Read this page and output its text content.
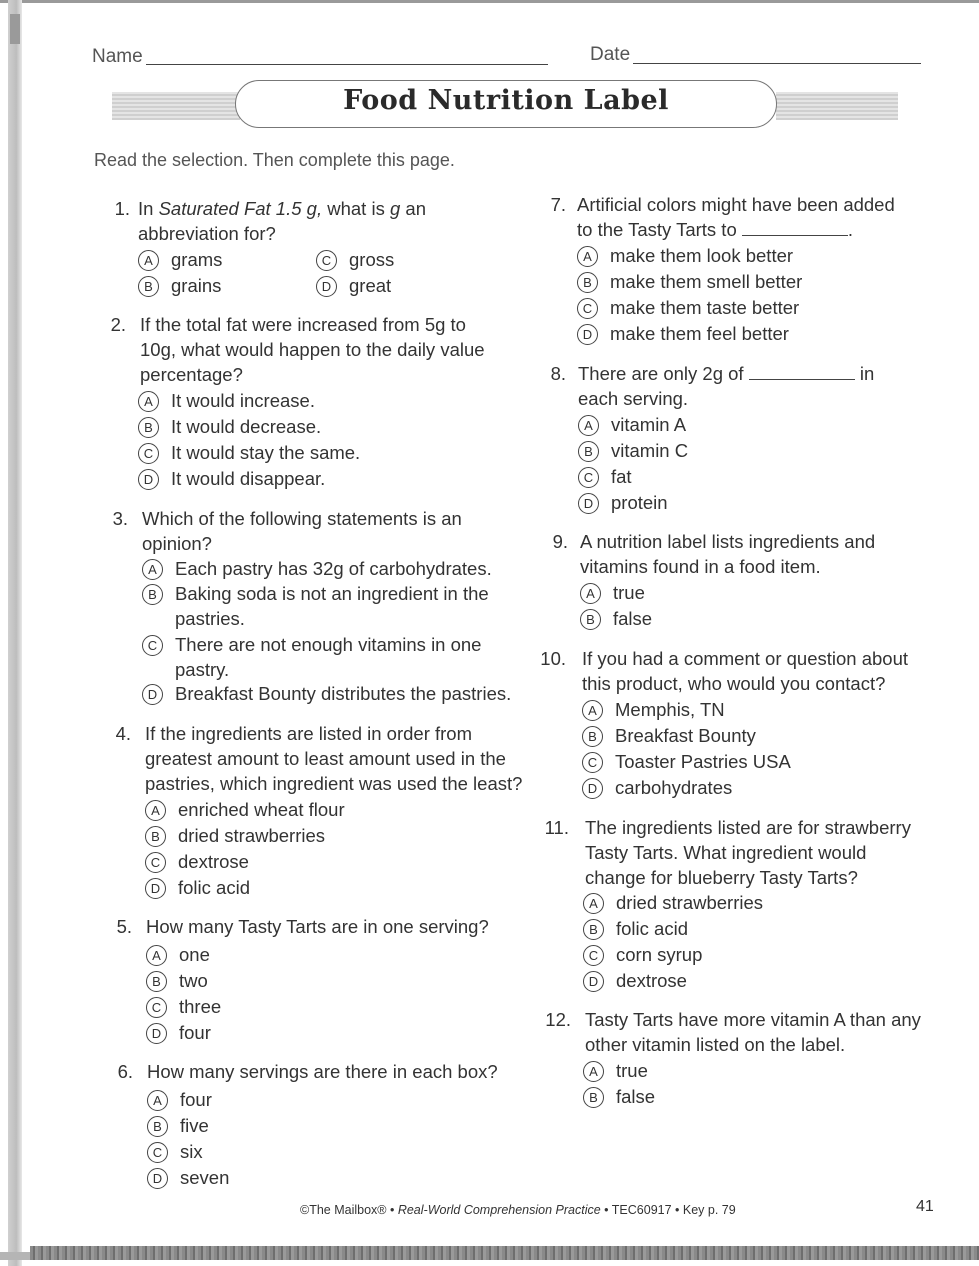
Name	Date
Food Nutrition Label
Read the selection. Then complete this page.
1. In Saturated Fat 1.5 g, what is g an
abbreviation for?
A grams
B grains
C gross
D great
2. If the total fat were increased from 5g to
10g, what would happen to the daily value
percentage?
A It would increase.
B It would decrease.
C It would stay the same.
D It would disappear.
3. Which of the following statements is an
opinion?
A Each pastry has 32g of carbohydrates.
B Baking soda is not an ingredient in the
pastries.
C There are not enough vitamins in one
pastry.
D Breakfast Bounty distributes the pastries.
4. If the ingredients are listed in order from
greatest amount to least amount used in the
pastries, which ingredient was used the least?
A enriched wheat flour
B dried strawberries
C dextrose
D folic acid
5. How many Tasty Tarts are in one serving?
A one
B two
C three
D four
6. How many servings are there in each box?
A four
B five
C six
D seven
7. Artificial colors might have been added
to the Tasty Tarts to	.
A make them look better
B make them smell better
C make them taste better
D make them feel better
8. There are only 2g of	in
each serving.
A vitamin A
B vitamin C
C fat
D protein
9. A nutrition label lists ingredients and
vitamins found in a food item.
A true
B false
10. If you had a comment or question about
this product, who would you contact?
A Memphis, TN
B Breakfast Bounty
C Toaster Pastries USA
D carbohydrates
11. The ingredients listed are for strawberry
Tasty Tarts. What ingredient would
change for blueberry Tasty Tarts?
A dried strawberries
B folic acid
C corn syrup
D dextrose
12. Tasty Tarts have more vitamin A than any
other vitamin listed on the label.
A true
B false
©The Mailbox® • Real-World Comprehension Practice • TEC60917 • Key p. 79	41
